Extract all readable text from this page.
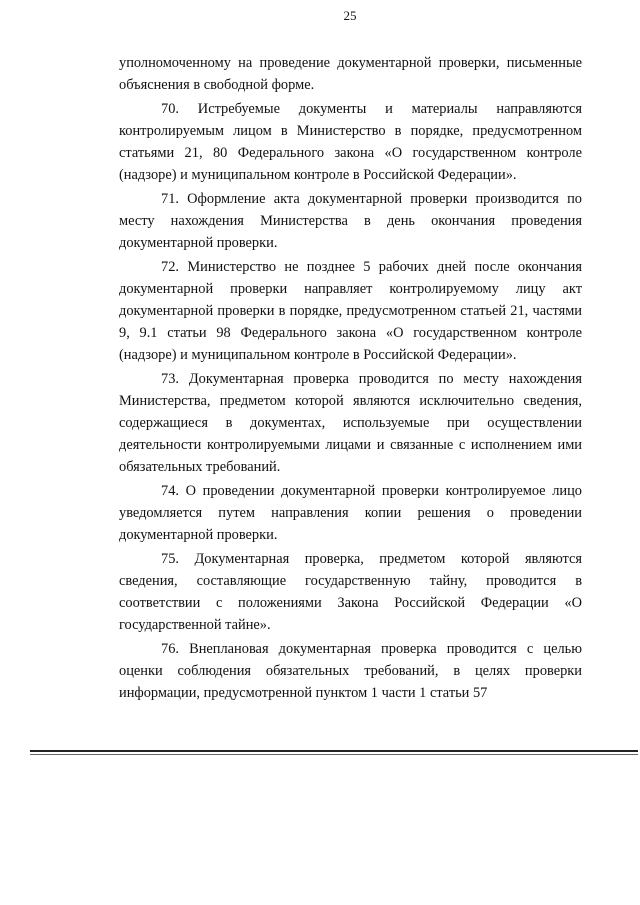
25

уполномоченному на проведение документарной проверки, письменные объяснения в свободной форме.

70. Истребуемые документы и материалы направляются контролируемым лицом в Министерство в порядке, предусмотренном статьями 21, 80 Федерального закона «О государственном контроле (надзоре) и муниципальном контроле в Российской Федерации».

71. Оформление акта документарной проверки производится по месту нахождения Министерства в день окончания проведения документарной проверки.

72. Министерство не позднее 5 рабочих дней после окончания документарной проверки направляет контролируемому лицу акт документарной проверки в порядке, предусмотренном статьей 21, частями 9, 9.1 статьи 98 Федерального закона «О государственном контроле (надзоре) и муниципальном контроле в Российской Федерации».

73. Документарная проверка проводится по месту нахождения Министерства, предметом которой являются исключительно сведения, содержащиеся в документах, используемые при осуществлении деятельности контролируемыми лицами и связанные с исполнением ими обязательных требований.

74. О проведении документарной проверки контролируемое лицо уведомляется путем направления копии решения о проведении документарной проверки.

75. Документарная проверка, предметом которой являются сведения, составляющие государственную тайну, проводится в соответствии с положениями Закона Российской Федерации «О государственной тайне».

76. Внеплановая документарная проверка проводится с целью оценки соблюдения обязательных требований, в целях проверки информации, предусмотренной пунктом 1 части 1 статьи 57
